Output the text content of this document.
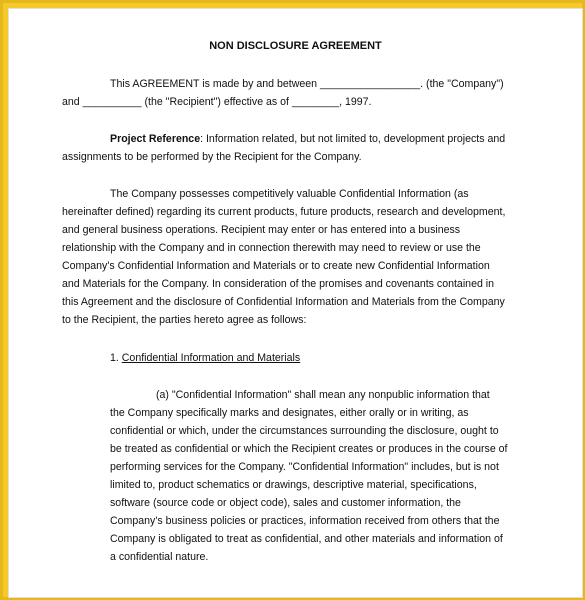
NON DISCLOSURE AGREEMENT
This AGREEMENT is made by and between _________________. (the "Company")
and __________ (the "Recipient") effective as of ________, 1997.
Project Reference: Information related, but not limited to, development projects and
assignments to be performed by the Recipient for the Company.
The Company possesses competitively valuable Confidential Information (as
hereinafter defined) regarding its current products, future products, research and development,
and general business operations. Recipient may enter or has entered into a business
relationship with the Company and in connection therewith may need to review or use the
Company's Confidential Information and Materials or to create new Confidential Information
and Materials for the Company. In consideration of the promises and covenants contained in
this Agreement and the disclosure of Confidential Information and Materials from the Company
to the Recipient, the parties hereto agree as follows:
1. Confidential Information and Materials
(a) "Confidential Information" shall mean any nonpublic information that
the Company specifically marks and designates, either orally or in writing, as
confidential or which, under the circumstances surrounding the disclosure, ought to
be treated as confidential or which the Recipient creates or produces in the course of
performing services for the Company. "Confidential Information" includes, but is not
limited to, product schematics or drawings, descriptive material, specifications,
software (source code or object code), sales and customer information, the
Company's business policies or practices, information received from others that the
Company is obligated to treat as confidential, and other materials and information of
a confidential nature.
